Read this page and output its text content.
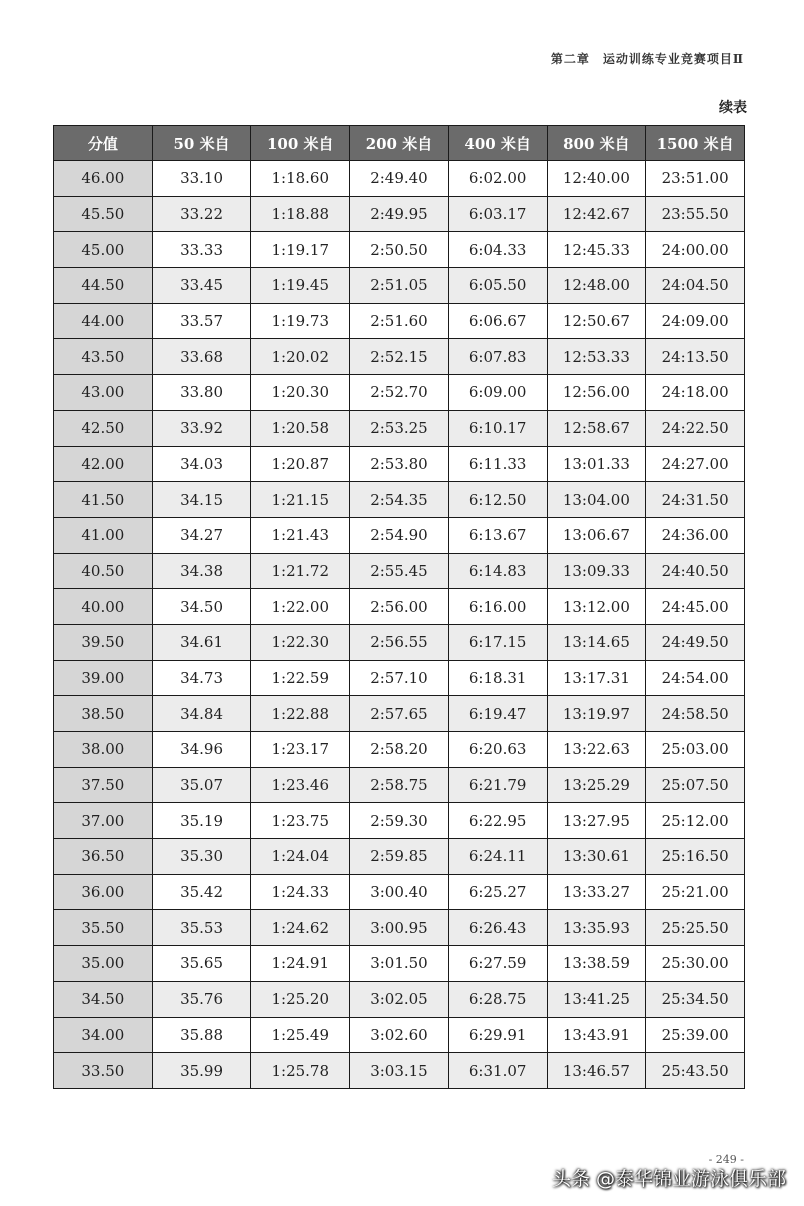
第二章　运动训练专业竞赛项目Ⅱ
续表
分值	50 米自	100 米自	200 米自	400 米自	800 米自	1500 米自
46.00	33.10	1:18.60	2:49.40	6:02.00	12:40.00	23:51.00
45.50	33.22	1:18.88	2:49.95	6:03.17	12:42.67	23:55.50
45.00	33.33	1:19.17	2:50.50	6:04.33	12:45.33	24:00.00
44.50	33.45	1:19.45	2:51.05	6:05.50	12:48.00	24:04.50
44.00	33.57	1:19.73	2:51.60	6:06.67	12:50.67	24:09.00
43.50	33.68	1:20.02	2:52.15	6:07.83	12:53.33	24:13.50
43.00	33.80	1:20.30	2:52.70	6:09.00	12:56.00	24:18.00
42.50	33.92	1:20.58	2:53.25	6:10.17	12:58.67	24:22.50
42.00	34.03	1:20.87	2:53.80	6:11.33	13:01.33	24:27.00
41.50	34.15	1:21.15	2:54.35	6:12.50	13:04.00	24:31.50
41.00	34.27	1:21.43	2:54.90	6:13.67	13:06.67	24:36.00
40.50	34.38	1:21.72	2:55.45	6:14.83	13:09.33	24:40.50
40.00	34.50	1:22.00	2:56.00	6:16.00	13:12.00	24:45.00
39.50	34.61	1:22.30	2:56.55	6:17.15	13:14.65	24:49.50
39.00	34.73	1:22.59	2:57.10	6:18.31	13:17.31	24:54.00
38.50	34.84	1:22.88	2:57.65	6:19.47	13:19.97	24:58.50
38.00	34.96	1:23.17	2:58.20	6:20.63	13:22.63	25:03.00
37.50	35.07	1:23.46	2:58.75	6:21.79	13:25.29	25:07.50
37.00	35.19	1:23.75	2:59.30	6:22.95	13:27.95	25:12.00
36.50	35.30	1:24.04	2:59.85	6:24.11	13:30.61	25:16.50
36.00	35.42	1:24.33	3:00.40	6:25.27	13:33.27	25:21.00
35.50	35.53	1:24.62	3:00.95	6:26.43	13:35.93	25:25.50
35.00	35.65	1:24.91	3:01.50	6:27.59	13:38.59	25:30.00
34.50	35.76	1:25.20	3:02.05	6:28.75	13:41.25	25:34.50
34.00	35.88	1:25.49	3:02.60	6:29.91	13:43.91	25:39.00
33.50	35.99	1:25.78	3:03.15	6:31.07	13:46.57	25:43.50
- 249 -
头条 @泰华锦业游泳俱乐部
